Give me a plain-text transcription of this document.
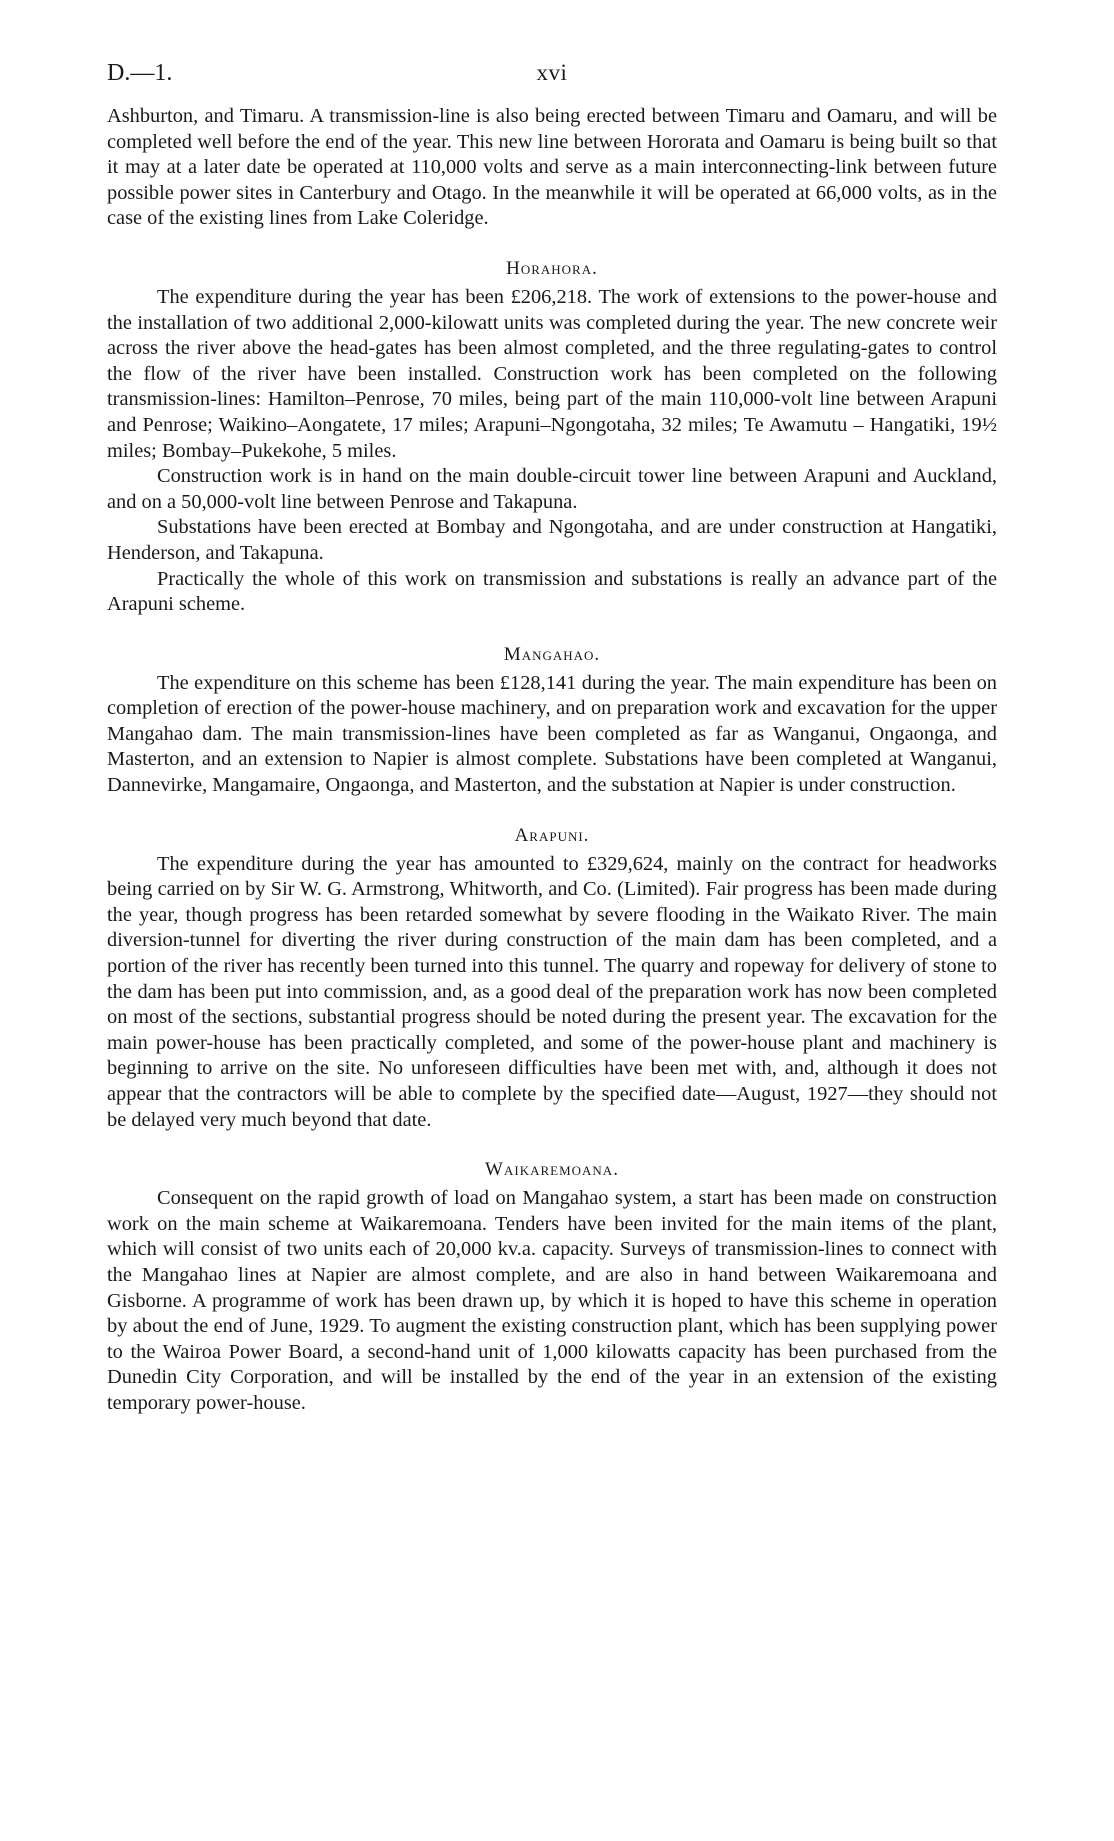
D.—1.	xvi

Ashburton, and Timaru. A transmission-line is also being erected between Timaru and Oamaru, and will be completed well before the end of the year. This new line between Hororata and Oamaru is being built so that it may at a later date be operated at 110,000 volts and serve as a main interconnecting-link between future possible power sites in Canterbury and Otago. In the meanwhile it will be operated at 66,000 volts, as in the case of the existing lines from Lake Coleridge.

Horahora.

The expenditure during the year has been £206,218. The work of extensions to the power-house and the installation of two additional 2,000-kilowatt units was completed during the year. The new concrete weir across the river above the head-gates has been almost completed, and the three regulating-gates to control the flow of the river have been installed. Construction work has been completed on the following transmission-lines: Hamilton–Penrose, 70 miles, being part of the main 110,000-volt line between Arapuni and Penrose; Waikino–Aongatete, 17 miles; Arapuni–Ngongotaha, 32 miles; Te Awamutu – Hangatiki, 19½ miles; Bombay–Pukekohe, 5 miles.

Construction work is in hand on the main double-circuit tower line between Arapuni and Auckland, and on a 50,000-volt line between Penrose and Takapuna.

Substations have been erected at Bombay and Ngongotaha, and are under construction at Hangatiki, Henderson, and Takapuna.

Practically the whole of this work on transmission and substations is really an advance part of the Arapuni scheme.

Mangahao.

The expenditure on this scheme has been £128,141 during the year. The main expenditure has been on completion of erection of the power-house machinery, and on preparation work and excavation for the upper Mangahao dam. The main transmission-lines have been completed as far as Wanganui, Ongaonga, and Masterton, and an extension to Napier is almost complete. Substations have been completed at Wanganui, Dannevirke, Mangamaire, Ongaonga, and Masterton, and the substation at Napier is under construction.

Arapuni.

The expenditure during the year has amounted to £329,624, mainly on the contract for headworks being carried on by Sir W. G. Armstrong, Whitworth, and Co. (Limited). Fair progress has been made during the year, though progress has been retarded somewhat by severe flooding in the Waikato River. The main diversion-tunnel for diverting the river during construction of the main dam has been completed, and a portion of the river has recently been turned into this tunnel. The quarry and ropeway for delivery of stone to the dam has been put into commission, and, as a good deal of the preparation work has now been completed on most of the sections, substantial progress should be noted during the present year. The excavation for the main power-house has been practically completed, and some of the power-house plant and machinery is beginning to arrive on the site. No unforeseen difficulties have been met with, and, although it does not appear that the contractors will be able to complete by the specified date—August, 1927—they should not be delayed very much beyond that date.

Waikaremoana.

Consequent on the rapid growth of load on Mangahao system, a start has been made on construction work on the main scheme at Waikaremoana. Tenders have been invited for the main items of the plant, which will consist of two units each of 20,000 kv.a. capacity. Surveys of transmission-lines to connect with the Mangahao lines at Napier are almost complete, and are also in hand between Waikaremoana and Gisborne. A programme of work has been drawn up, by which it is hoped to have this scheme in operation by about the end of June, 1929. To augment the existing construction plant, which has been supplying power to the Wairoa Power Board, a second-hand unit of 1,000 kilowatts capacity has been purchased from the Dunedin City Corporation, and will be installed by the end of the year in an extension of the existing temporary power-house.
